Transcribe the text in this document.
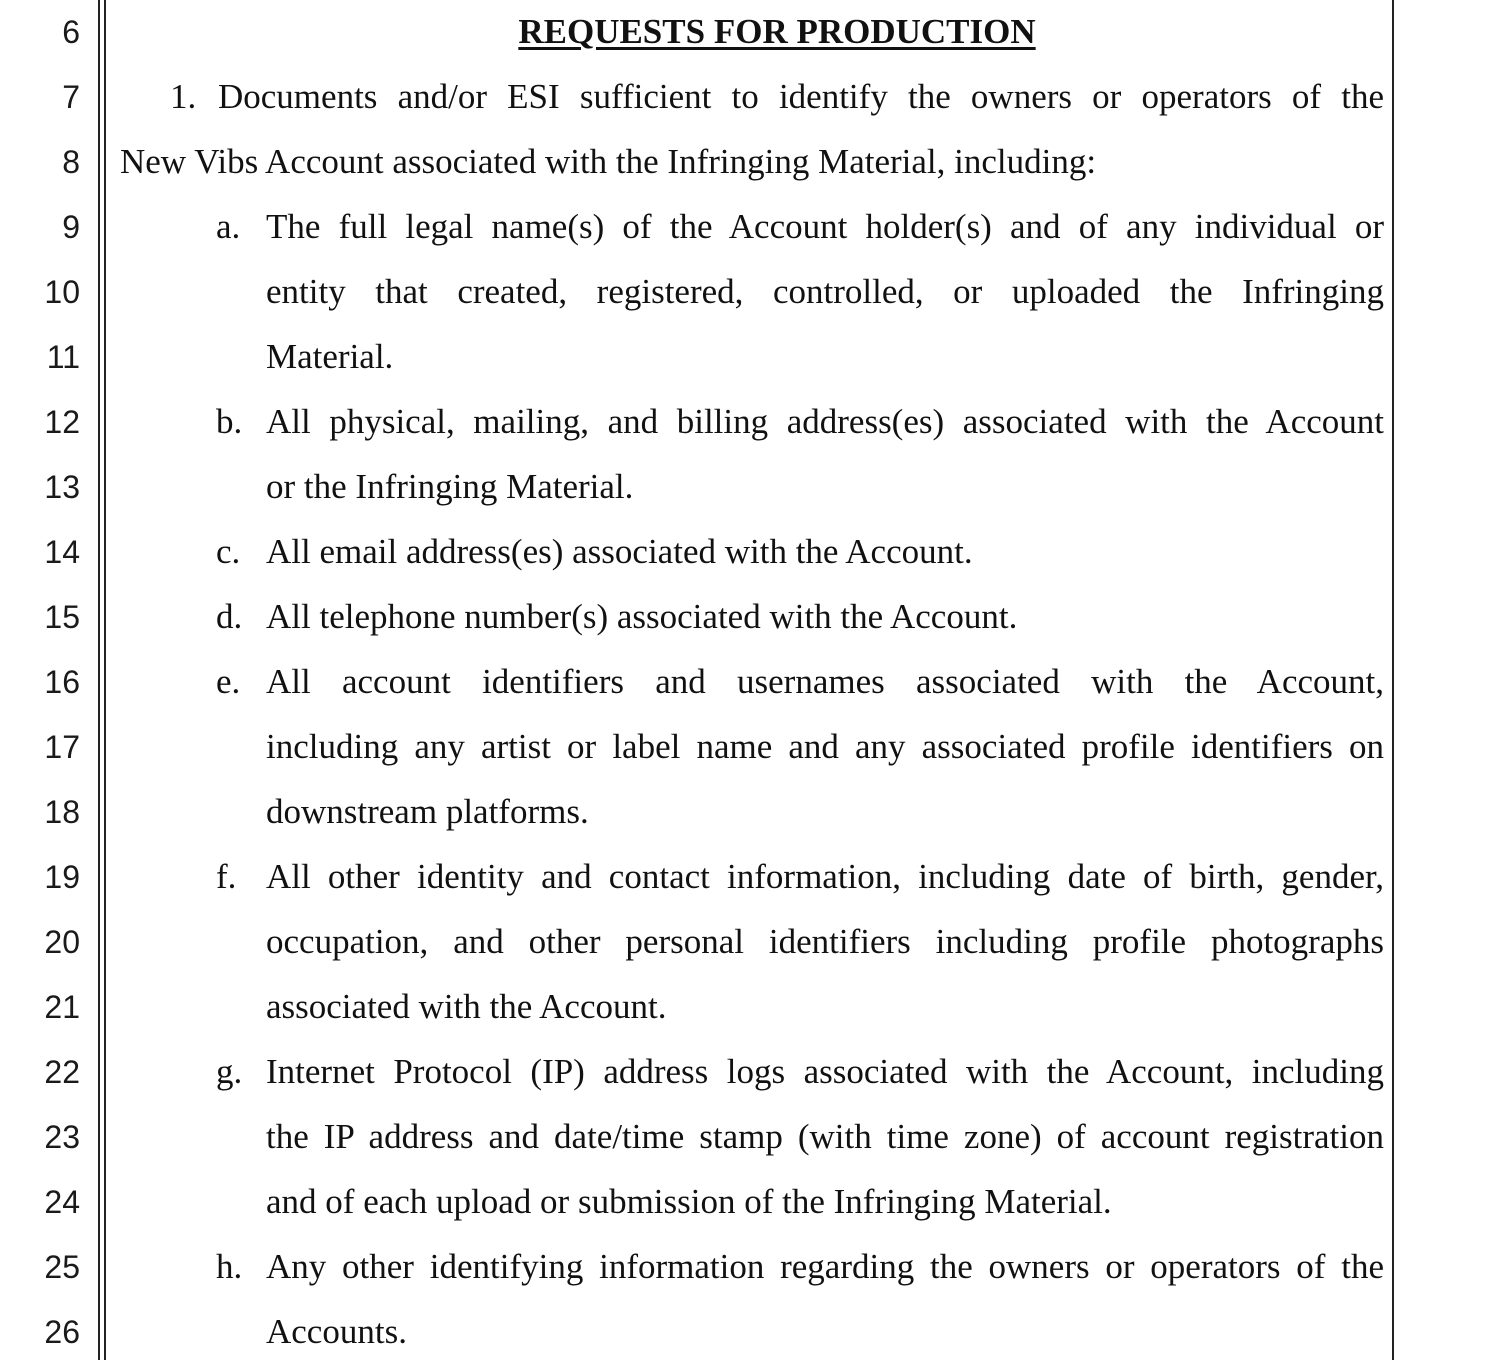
6
7
8
9
10
11
12
13
14
15
16
17
18
19
20
21
22
23
24
25
26
REQUESTS FOR PRODUCTION
1. Documents and/or ESI sufficient to identify the owners or operators of the
New Vibs Account associated with the Infringing Material, including:
a. The full legal name(s) of the Account holder(s) and of any individual or
entity that created, registered, controlled, or uploaded the Infringing
Material.
b. All physical, mailing, and billing address(es) associated with the Account
or the Infringing Material.
c. All email address(es) associated with the Account.
d. All telephone number(s) associated with the Account.
e. All account identifiers and usernames associated with the Account,
including any artist or label name and any associated profile identifiers on
downstream platforms.
f. All other identity and contact information, including date of birth, gender,
occupation, and other personal identifiers including profile photographs
associated with the Account.
g. Internet Protocol (IP) address logs associated with the Account, including
the IP address and date/time stamp (with time zone) of account registration
and of each upload or submission of the Infringing Material.
h. Any other identifying information regarding the owners or operators of the
Accounts.
